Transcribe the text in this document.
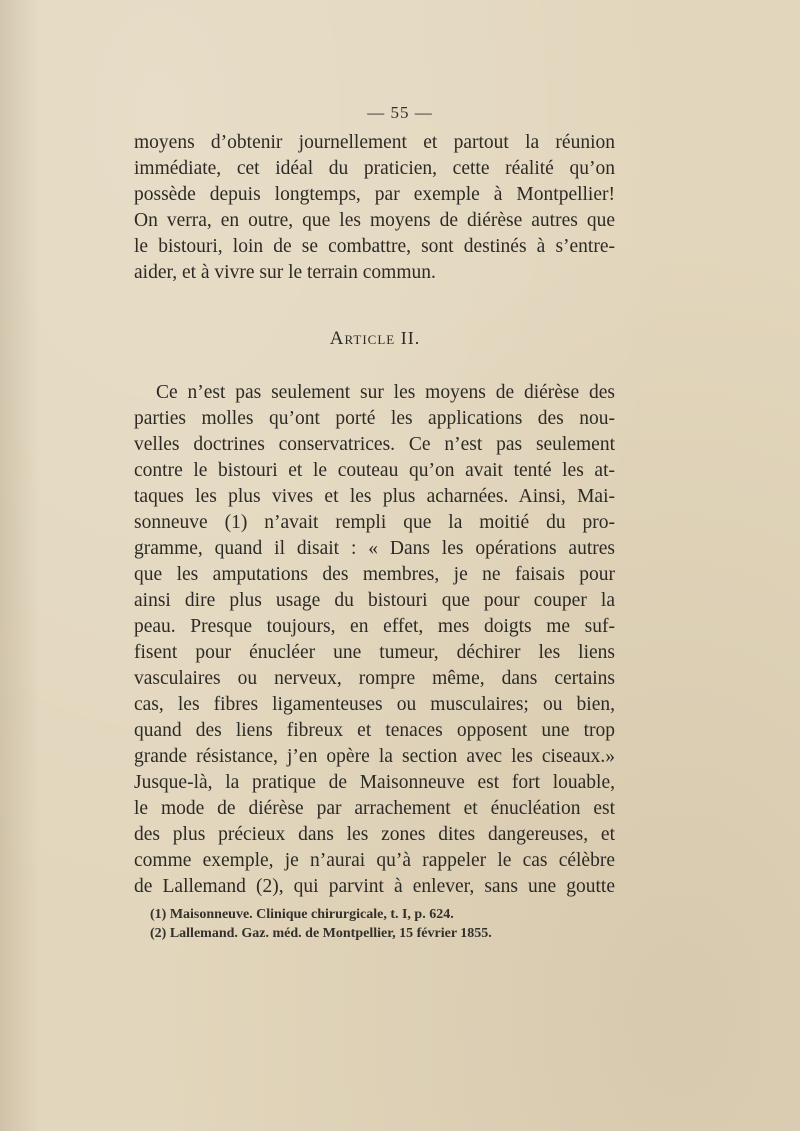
— 55 —
moyens d’obtenir journellement et partout la réunion
immédiate, cet idéal du praticien, cette réalité qu’on
possède depuis longtemps, par exemple à Montpellier!
On verra, en outre, que les moyens de diérèse autres que
le bistouri, loin de se combattre, sont destinés à s’entre-
aider, et à vivre sur le terrain commun.
Article II.
Ce n’est pas seulement sur les moyens de diérèse des
parties molles qu’ont porté les applications des nou-
velles doctrines conservatrices. Ce n’est pas seulement
contre le bistouri et le couteau qu’on avait tenté les at-
taques les plus vives et les plus acharnées. Ainsi, Mai-
sonneuve (1) n’avait rempli que la moitié du pro-
gramme, quand il disait : « Dans les opérations autres
que les amputations des membres, je ne faisais pour
ainsi dire plus usage du bistouri que pour couper la
peau. Presque toujours, en effet, mes doigts me suf-
fisent pour énucléer une tumeur, déchirer les liens
vasculaires ou nerveux, rompre même, dans certains
cas, les fibres ligamenteuses ou musculaires; ou bien,
quand des liens fibreux et tenaces opposent une trop
grande résistance, j’en opère la section avec les ciseaux.»
Jusque-là, la pratique de Maisonneuve est fort louable,
le mode de diérèse par arrachement et énucléation est
des plus précieux dans les zones dites dangereuses, et
comme exemple, je n’aurai qu’à rappeler le cas célèbre
de Lallemand (2), qui parvint à enlever, sans une goutte
(1) Maisonneuve. Clinique chirurgicale, t. I, p. 624.
(2) Lallemand. Gaz. méd. de Montpellier, 15 février 1855.
